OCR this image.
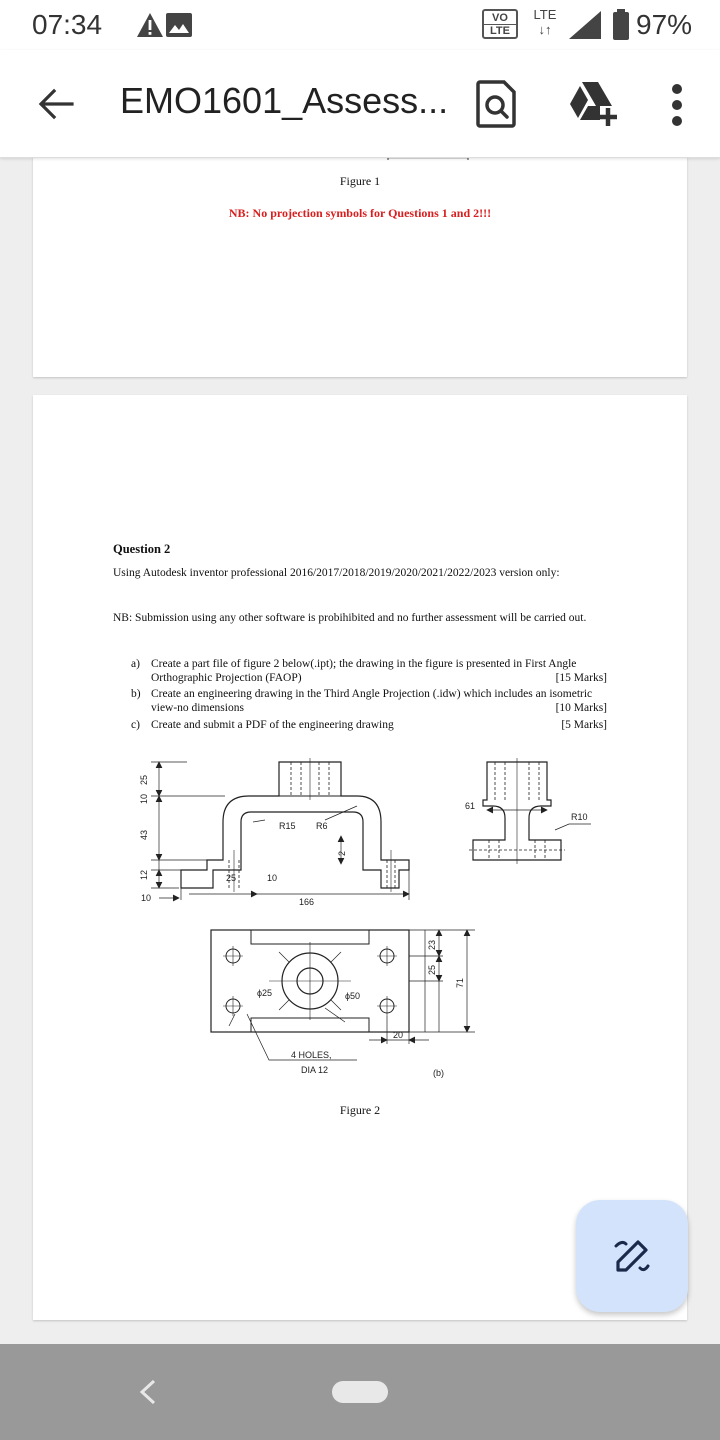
07:34	VO
LTE
LTE
↓↑	97%
EMO1601_Assess...
Figure 1
NB: No projection symbols for Questions 1 and 2!!!
Question 2
Using Autodesk inventor professional 2016/2017/2018/2019/2020/2021/2022/2023 version only:
NB: Submission using any other software is probihibited and no further assessment will be carried out.
a) Create a part file of figure 2 below(.ipt); the drawing in the figure is presented in First Angle Orthographic Projection (FAOP)	[15 Marks]
b) Create an engineering drawing in the Third Angle Projection (.idw) which includes an isometric view-no dimensions	[10 Marks]
c) Create and submit a PDF of the engineering drawing	[5 Marks]
25
10
43
12
10
25	10
166
R15 R6
2
61
R10
ϕ25	ϕ50
23
25
71
20
4 HOLES,
DIA 12	(b)
Figure 2
